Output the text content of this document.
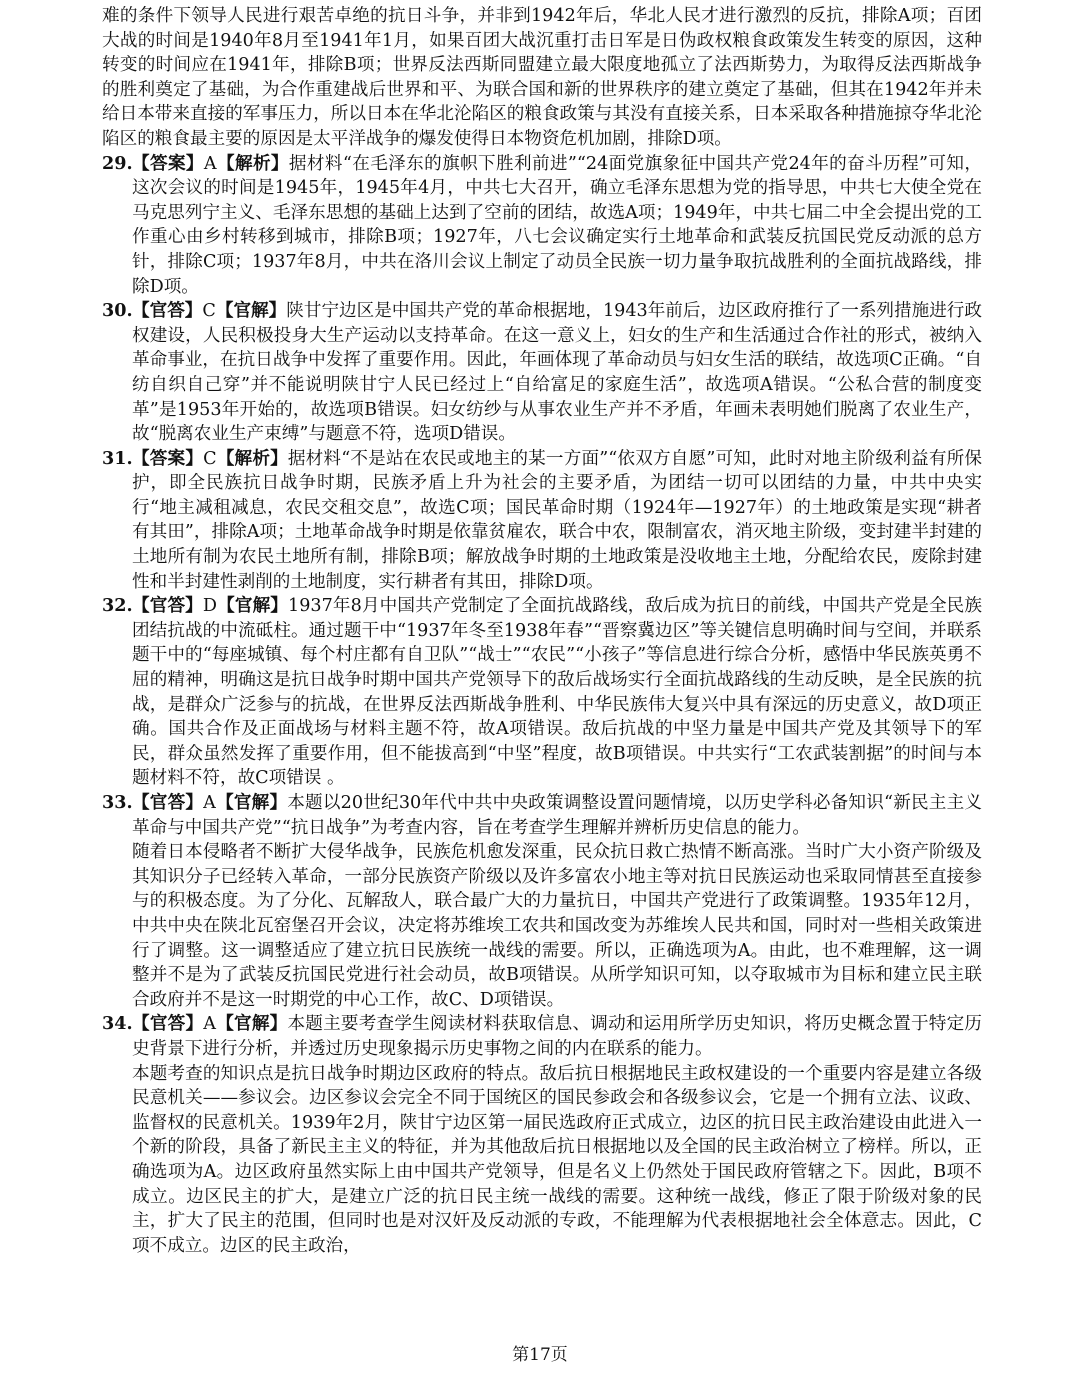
难的条件下领导人民进行艰苦卓绝的抗日斗争，并非到1942年后，华北人民才进行激烈的反抗，排除A项；百团大战的时间是1940年8月至1941年1月，如果百团大战沉重打击日军是日伪政权粮食政策发生转变的原因，这种转变的时间应在1941年，排除B项；世界反法西斯同盟建立最大限度地孤立了法西斯势力，为取得反法西斯战争的胜利奠定了基础，为合作重建战后世界和平、为联合国和新的世界秩序的建立奠定了基础，但其在1942年并未给日本带来直接的军事压力，所以日本在华北沦陷区的粮食政策与其没有直接关系，日本采取各种措施掠夺华北沦陷区的粮食最主要的原因是太平洋战争的爆发使得日本物资危机加剧，排除D项。

29. 【答案】A【解析】据材料“在毛泽东的旗帜下胜利前进”“24面党旗象征中国共产党24年的奋斗历程”可知，这次会议的时间是1945年，1945年4月，中共七大召开，确立毛泽东思想为党的指导思，中共七大使全党在马克思列宁主义、毛泽东思想的基础上达到了空前的团结，故选A项；1949年，中共七届二中全会提出党的工作重心由乡村转移到城市，排除B项；1927年，八七会议确定实行土地革命和武装反抗国民党反动派的总方针，排除C项；1937年8月，中共在洛川会议上制定了动员全民族一切力量争取抗战胜利的全面抗战路线，排除D项。
30. 【官答】C【官解】陕甘宁边区是中国共产党的革命根据地，1943年前后，边区政府推行了一系列措施进行政权建设，人民积极投身大生产运动以支持革命。在这一意义上，妇女的生产和生活通过合作社的形式，被纳入革命事业，在抗日战争中发挥了重要作用。因此，年画体现了革命动员与妇女生活的联结，故选项C正确。“自纺自织自己穿”并不能说明陕甘宁人民已经过上“自给富足的家庭生活”，故选项A错误。“公私合营的制度变革”是1953年开始的，故选项B错误。妇女纺纱与从事农业生产并不矛盾，年画未表明她们脱离了农业生产，故“脱离农业生产束缚”与题意不符，选项D错误。
31. 【答案】C【解析】据材料“不是站在农民或地主的某一方面”“依双方自愿”可知，此时对地主阶级利益有所保护，即全民族抗日战争时期，民族矛盾上升为社会的主要矛盾，为团结一切可以团结的力量，中共中央实行“地主减租减息，农民交租交息”，故选C项；国民革命时期（1924年—1927年）的土地政策是实现“耕者有其田”，排除A项；土地革命战争时期是依靠贫雇农，联合中农，限制富农，消灭地主阶级，变封建半封建的土地所有制为农民土地所有制，排除B项；解放战争时期的土地政策是没收地主土地，分配给农民，废除封建性和半封建性剥削的土地制度，实行耕者有其田，排除D项。
32. 【官答】D【官解】1937年8月中国共产党制定了全面抗战路线，敌后成为抗日的前线，中国共产党是全民族团结抗战的中流砥柱。通过题干中“1937年冬至1938年春”“晋察冀边区”等关键信息明确时间与空间，并联系题干中的“每座城镇、每个村庄都有自卫队”“战士”“农民”“小孩子”等信息进行综合分析，感悟中华民族英勇不屈的精神，明确这是抗日战争时期中国共产党领导下的敌后战场实行全面抗战路线的生动反映，是全民族的抗战，是群众广泛参与的抗战，在世界反法西斯战争胜利、中华民族伟大复兴中具有深远的历史意义，故D项正确。国共合作及正面战场与材料主题不符，故A项错误。敌后抗战的中坚力量是中国共产党及其领导下的军民，群众虽然发挥了重要作用，但不能拔高到“中坚”程度，故B项错误。中共实行“工农武装割据”的时间与本题材料不符，故C项错误 。
33. 【官答】A【官解】本题以20世纪30年代中共中央政策调整设置问题情境，以历史学科必备知识“新民主主义革命与中国共产党”“抗日战争”为考查内容，旨在考查学生理解并辨析历史信息的能力。

随着日本侵略者不断扩大侵华战争，民族危机愈发深重，民众抗日救亡热情不断高涨。当时广大小资产阶级及其知识分子已经转入革命，一部分民族资产阶级以及许多富农小地主等对抗日民族运动也采取同情甚至直接参与的积极态度。为了分化、瓦解敌人，联合最广大的力量抗日，中国共产党进行了政策调整。1935年12月，中共中央在陕北瓦窑堡召开会议，决定将苏维埃工农共和国改变为苏维埃人民共和国，同时对一些相关政策进行了调整。这一调整适应了建立抗日民族统一战线的需要。所以，正确选项为A。由此，也不难理解，这一调整并不是为了武装反抗国民党进行社会动员，故B项错误。从所学知识可知，以夺取城市为目标和建立民主联合政府并不是这一时期党的中心工作，故C、D项错误。

34. 【官答】A【官解】本题主要考查学生阅读材料获取信息、调动和运用所学历史知识，将历史概念置于特定历史背景下进行分析，并透过历史现象揭示历史事物之间的内在联系的能力。

本题考查的知识点是抗日战争时期边区政府的特点。敌后抗日根据地民主政权建设的一个重要内容是建立各级民意机关——参议会。边区参议会完全不同于国统区的国民参政会和各级参议会，它是一个拥有立法、议政、监督权的民意机关。1939年2月，陕甘宁边区第一届民选政府正式成立，边区的抗日民主政治建设由此进入一个新的阶段，具备了新民主主义的特征，并为其他敌后抗日根据地以及全国的民主政治树立了榜样。所以，正确选项为A。边区政府虽然实际上由中国共产党领导，但是名义上仍然处于国民政府管辖之下。因此，B项不成立。边区民主的扩大，是建立广泛的抗日民主统一战线的需要。这种统一战线，修正了限于阶级对象的民主，扩大了民主的范围，但同时也是对汉奸及反动派的专政，不能理解为代表根据地社会全体意志。因此，C项不成立。边区的民主政治，

第17页
